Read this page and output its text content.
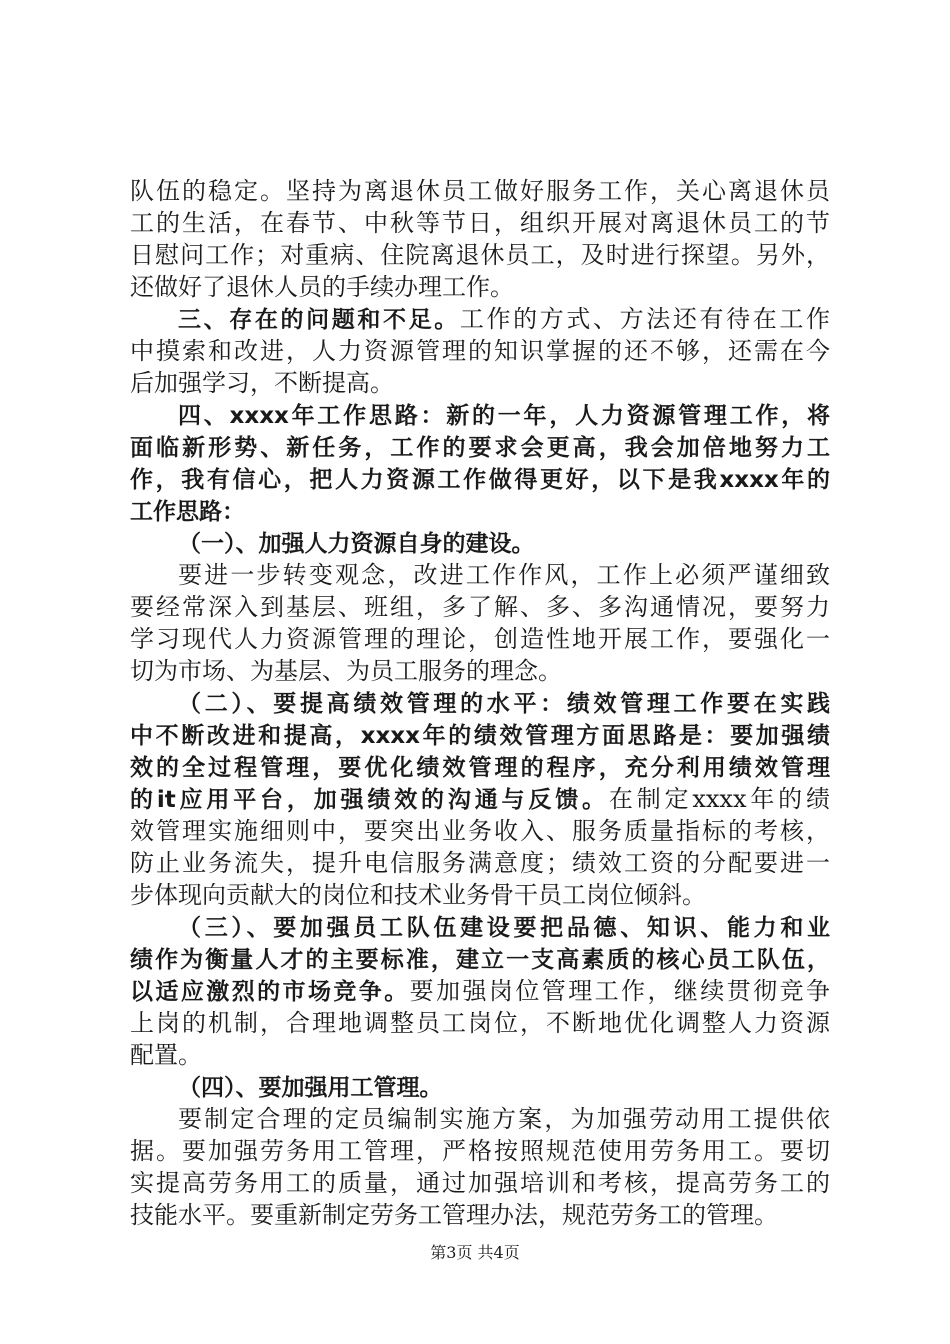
队伍的稳定。坚持为离退休员工做好服务工作，关心离退休员
工的生活，在春节、中秋等节日，组织开展对离退休员工的节
日慰问工作；对重病、住院离退休员工，及时进行探望。另外，
还做好了退休人员的手续办理工作。
三、存在的问题和不足。工作的方式、方法还有待在工作
中摸索和改进，人力资源管理的知识掌握的还不够，还需在今
后加强学习，不断提高。
四、xxxx年工作思路：新的一年，人力资源管理工作，将
面临新形势、新任务，工作的要求会更高，我会加倍地努力工
作，我有信心，把人力资源工作做得更好，以下是我xxxx年的
工作思路：
（一）、加强人力资源自身的建设。
要进一步转变观念，改进工作作风，工作上必须严谨细致
要经常深入到基层、班组，多了解、多、多沟通情况，要努力
学习现代人力资源管理的理论，创造性地开展工作，要强化一
切为市场、为基层、为员工服务的理念。
（二）、要提高绩效管理的水平：绩效管理工作要在实践
中不断改进和提高，xxxx年的绩效管理方面思路是：要加强绩
效的全过程管理，要优化绩效管理的程序，充分利用绩效管理
的it应用平台，加强绩效的沟通与反馈。在制定xxxx年的绩
效管理实施细则中，要突出业务收入、服务质量指标的考核，
防止业务流失，提升电信服务满意度；绩效工资的分配要进一
步体现向贡献大的岗位和技术业务骨干员工岗位倾斜。
（三）、要加强员工队伍建设要把品德、知识、能力和业
绩作为衡量人才的主要标准，建立一支高素质的核心员工队伍，
以适应激烈的市场竞争。要加强岗位管理工作，继续贯彻竞争
上岗的机制，合理地调整员工岗位，不断地优化调整人力资源
配置。
（四）、要加强用工管理。
要制定合理的定员编制实施方案，为加强劳动用工提供依
据。要加强劳务用工管理，严格按照规范使用劳务用工。要切
实提高劳务用工的质量，通过加强培训和考核，提高劳务工的
技能水平。要重新制定劳务工管理办法，规范劳务工的管理。
第3页 共4页
